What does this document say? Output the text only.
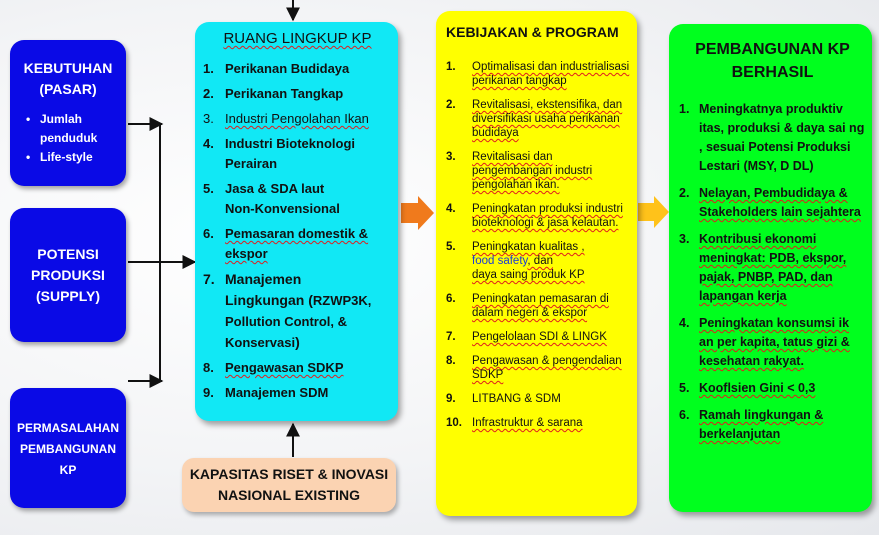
KEBUTUHAN
(PASAR)
• Jumlah penduduk
• Life-style
POTENSI
PRODUKSI
(SUPPLY)
PERMASALAHAN
PEMBANGUNAN
KP
RUANG LINGKUP KP
1. Perikanan Budidaya
2. Perikanan Tangkap
3. Industri Pengolahan Ikan
4. Industri Bioteknologi Perairan
5. Jasa & SDA laut Non-Konvensional
6. Pemasaran domestik & ekspor
7. Manajemen
Lingkungan (RZWP3K, Pollution Control, & Konservasi)
8. Pengawasan SDKP
9. Manajemen SDM
KAPASITAS RISET & INOVASI
NASIONAL EXISTING
KEBIJAKAN & PROGRAM
1. Optimalisasi dan industrialisasi perikanan tangkap
2. Revitalisasi, ekstensifika, dan diversifikasi usaha perikanan budidaya
3. Revitalisasi dan pengembangan industri pengolahan ikan.
4. Peningkatan produksi industri bioteknologi & jasa kelautan.
5. Peningkatan kualitas ,
food safety, dan
daya saing produk KP
6. Peningkatan pemasaran di dalam negeri & ekspor
7. Pengelolaan SDI & LINGK
8. Pengawasan & pengendalian SDKP
9. LITBANG & SDM
10. Infrastruktur & sarana
PEMBANGUNAN KP
BERHASIL
1. Meningkatnya produktiv itas, produksi & daya sai ng , sesuai Potensi Produksi Lestari (MSY, D DL)
2. Nelayan, Pembudidaya & Stakeholders lain sejahtera
3. Kontribusi ekonomi meningkat: PDB, ekspor, pajak, PNBP, PAD, dan lapangan kerja
4. Peningkatan konsumsi ik an per kapita, tatus gizi & kesehatan rakyat.
5. Kooflsien Gini < 0,3
6. Ramah lingkungan & berkelanjutan
